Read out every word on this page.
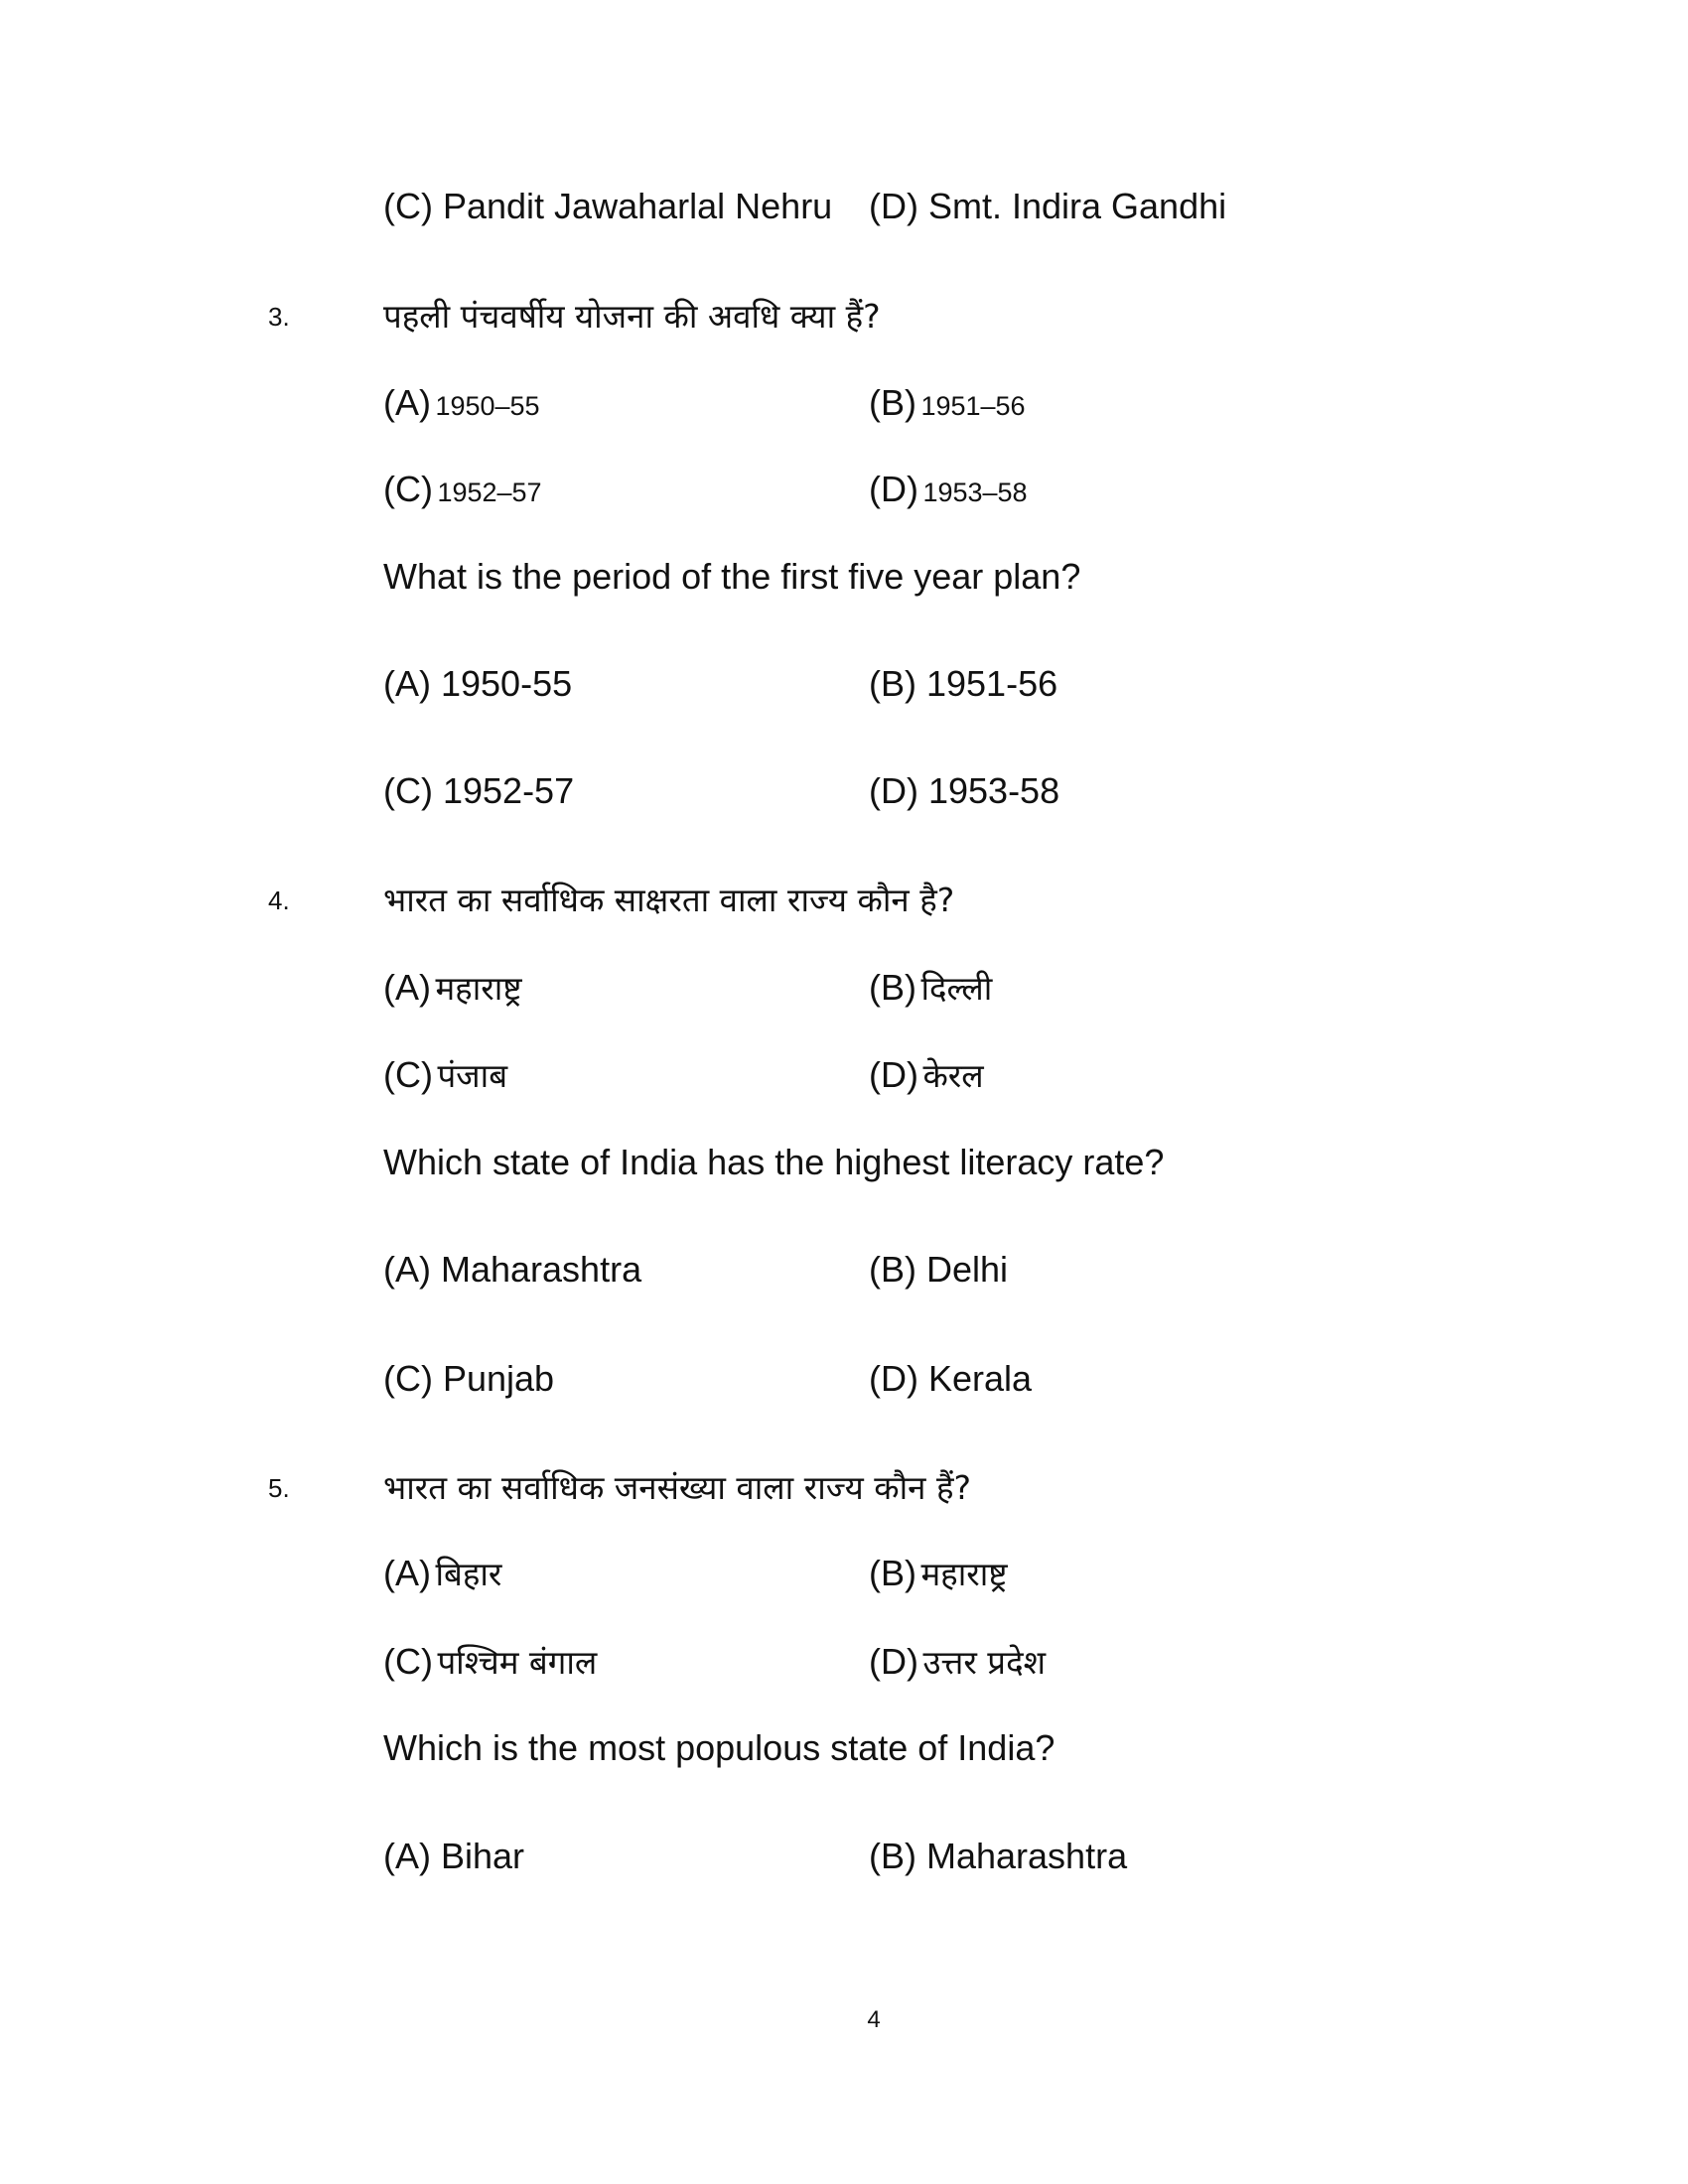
(C) Pandit Jawaharlal Nehru (D) Smt. Indira Gandhi
3.	पहली पंचवर्षीय योजना की अवधि क्या हैं?
(A) 1950–55	(B) 1951–56
(C) 1952–57	(D) 1953–58
What is the period of the first five year plan?
(A) 1950-55	(B) 1951-56
(C) 1952-57	(D) 1953-58
4.	भारत का सर्वाधिक साक्षरता वाला राज्य कौन है?
(A) महाराष्ट्र	(B) दिल्ली
(C) पंजाब	(D) केरल
Which state of India has the highest literacy rate?
(A) Maharashtra	(B) Delhi
(C) Punjab	(D) Kerala
5.	भारत का सर्वाधिक जनसंख्या वाला राज्य कौन हैं?
(A) बिहार	(B) महाराष्ट्र
(C) पश्चिम बंगाल	(D) उत्तर प्रदेश
Which is the most populous state of India?
(A) Bihar	(B) Maharashtra
4
